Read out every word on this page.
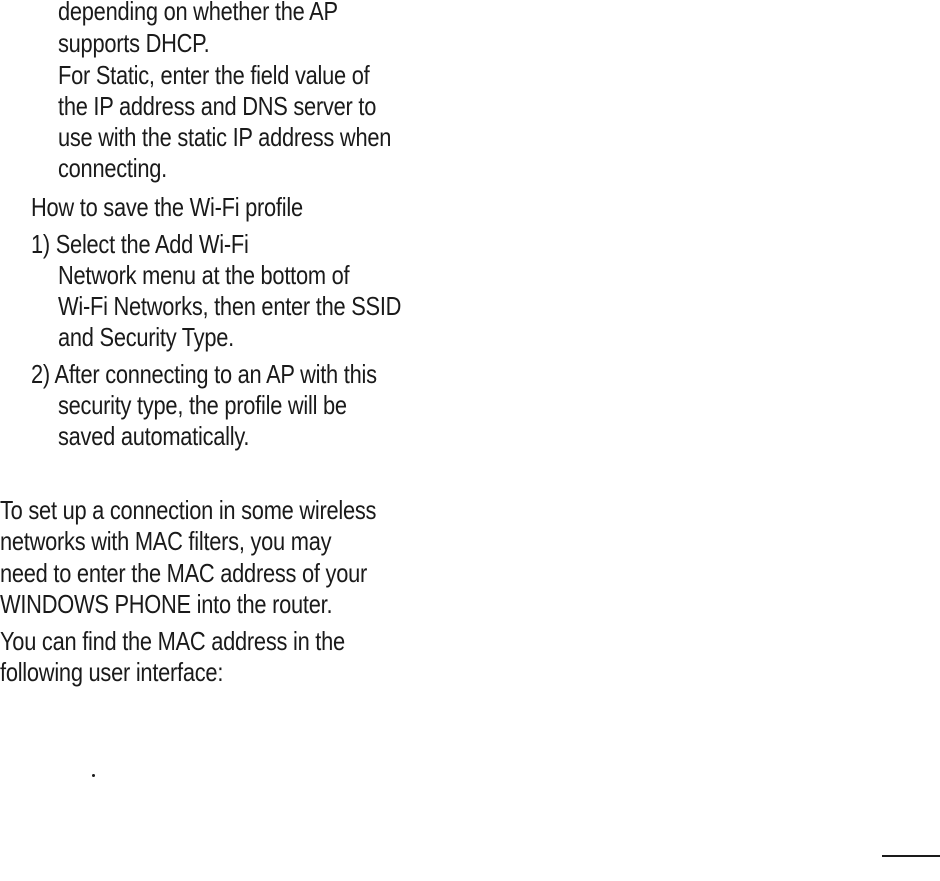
depending on whether the AP

supports DHCP.

For Static, enter the field value of

the IP address and DNS server to

use with the static IP address when

connecting.

How to save the Wi-Fi profile

1) Select the Add Wi-Fi

Network menu at the bottom of

Wi-Fi Networks, then enter the SSID

and Security Type.

2) After connecting to an AP with this

security type, the profile will be

saved automatically.

To set up a connection in some wireless

networks with MAC filters, you may

need to enter the MAC address of your

WINDOWS PHONE into the router.

You can find the MAC address in the

following user interface:
